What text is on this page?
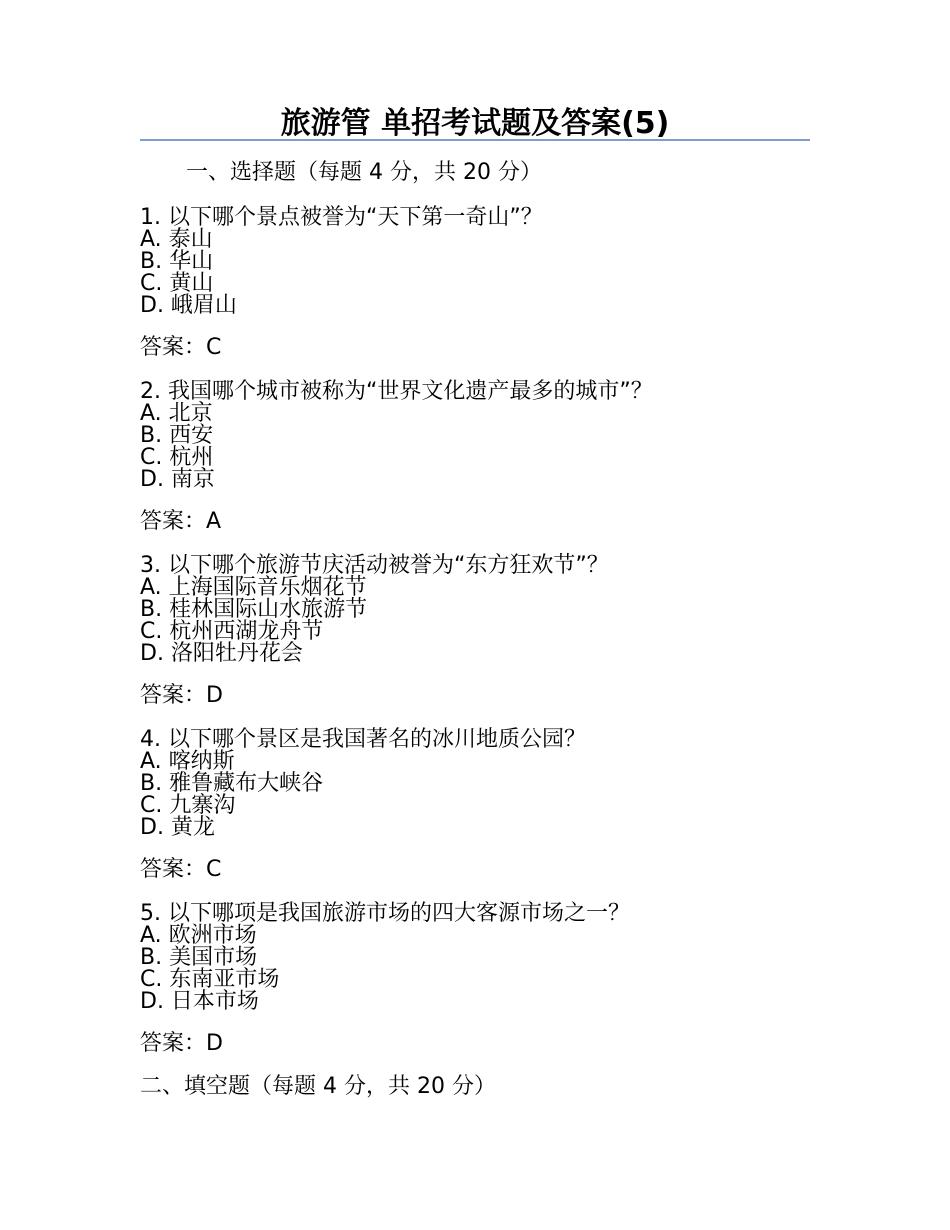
旅游管 单招考试题及答案(5)
一、选择题（每题 4 分，共 20 分）
1. 以下哪个景点被誉为“天下第一奇山”？
A. 泰山
B. 华山
C. 黄山
D. 峨眉山
答案：C
2. 我国哪个城市被称为“世界文化遗产最多的城市”？
A. 北京
B. 西安
C. 杭州
D. 南京
答案：A
3. 以下哪个旅游节庆活动被誉为“东方狂欢节”？
A. 上海国际音乐烟花节
B. 桂林国际山水旅游节
C. 杭州西湖龙舟节
D. 洛阳牡丹花会
答案：D
4. 以下哪个景区是我国著名的冰川地质公园？
A. 喀纳斯
B. 雅鲁藏布大峡谷
C. 九寨沟
D. 黄龙
答案：C
5. 以下哪项是我国旅游市场的四大客源市场之一？
A. 欧洲市场
B. 美国市场
C. 东南亚市场
D. 日本市场
答案：D
二、填空题（每题 4 分，共 20 分）
